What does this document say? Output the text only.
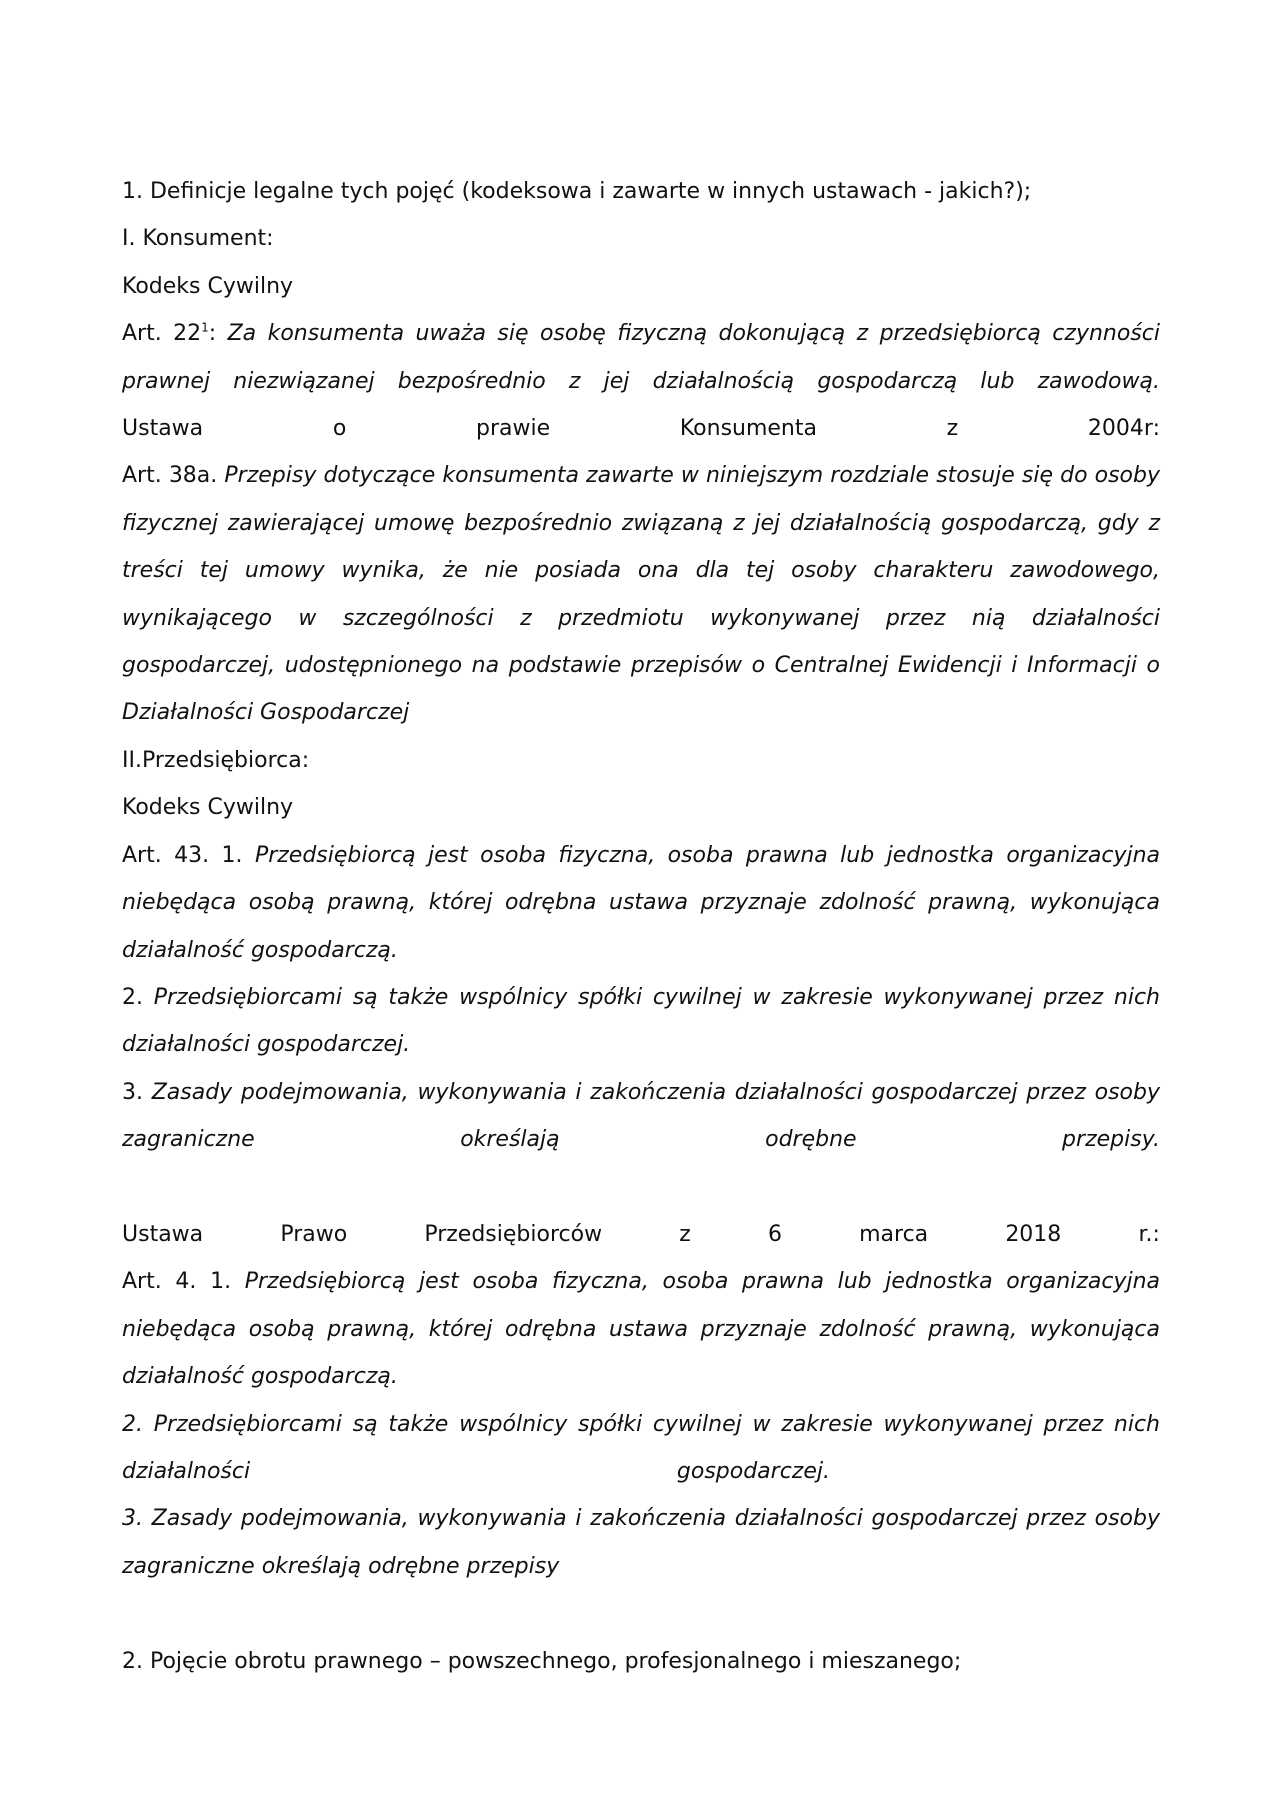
1. Definicje legalne tych pojęć (kodeksowa i zawarte w innych ustawach - jakich?);
I. Konsument:
Kodeks Cywilny
Art. $22^1$: Za konsumenta uważa się osobę fizyczną dokonującą z przedsiębiorcą czynności prawnej niezwiązanej bezpośrednio z jej działalnością gospodarczą lub zawodową.
Ustawa	o	prawie	Konsumenta	z	2004r:
Art. 38a. Przepisy dotyczące konsumenta zawarte w niniejszym rozdziale stosuje się do osoby fizycznej zawierającej umowę bezpośrednio związaną z jej działalnością gospodarczą, gdy z treści tej umowy wynika, że nie posiada ona dla tej osoby charakteru zawodowego, wynikającego w szczególności z przedmiotu wykonywanej przez nią działalności gospodarczej, udostępnionego na podstawie przepisów o Centralnej Ewidencji i Informacji o Działalności Gospodarczej
II.Przedsiębiorca:
Kodeks Cywilny
Art. 43. 1. Przedsiębiorcą jest osoba fizyczna, osoba prawna lub jednostka organizacyjna niebędąca osobą prawną, której odrębna ustawa przyznaje zdolność prawną, wykonująca działalność gospodarczą.
2. Przedsiębiorcami są także wspólnicy spółki cywilnej w zakresie wykonywanej przez nich działalności gospodarczej.
3. Zasady podejmowania, wykonywania i zakończenia działalności gospodarczej przez osoby zagraniczne określają odrębne przepisy.
Ustawa	Prawo	Przedsiębiorców	z	6	marca	2018	r.:
Art. 4. 1. Przedsiębiorcą jest osoba fizyczna, osoba prawna lub jednostka organizacyjna niebędąca osobą prawną, której odrębna ustawa przyznaje zdolność prawną, wykonująca działalność gospodarczą.
2. Przedsiębiorcami są także wspólnicy spółki cywilnej w zakresie wykonywanej przez nich działalności	gospodarczej.
3. Zasady podejmowania, wykonywania i zakończenia działalności gospodarczej przez osoby zagraniczne określają odrębne przepisy
2. Pojęcie obrotu prawnego – powszechnego, profesjonalnego i mieszanego;
